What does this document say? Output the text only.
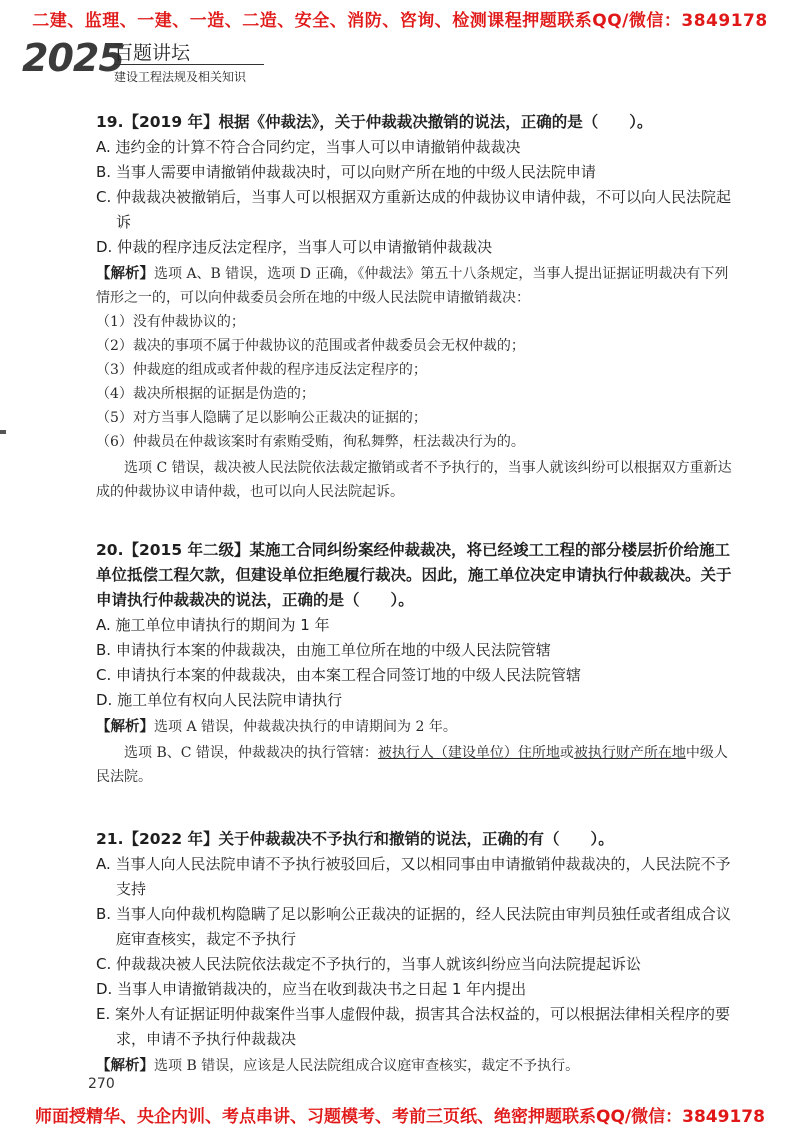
二建、监理、一建、一造、二造、安全、消防、咨询、检测课程押题联系QQ/微信：3849178
2025
百题讲坛
建设工程法规及相关知识

19.【2019 年】根据《仲裁法》，关于仲裁裁决撤销的说法，正确的是（　　）。

A. 违约金的计算不符合合同约定，当事人可以申请撤销仲裁裁决

B. 当事人需要申请撤销仲裁裁决时，可以向财产所在地的中级人民法院申请

C. 仲裁裁决被撤销后，当事人可以根据双方重新达成的仲裁协议申请仲裁，不可以向人民法院起诉

D. 仲裁的程序违反法定程序，当事人可以申请撤销仲裁裁决

【解析】选项 A、B 错误，选项 D 正确，《仲裁法》第五十八条规定，当事人提出证据证明裁决有下列情形之一的，可以向仲裁委员会所在地的中级人民法院申请撤销裁决：

（1）没有仲裁协议的；

（2）裁决的事项不属于仲裁协议的范围或者仲裁委员会无权仲裁的；

（3）仲裁庭的组成或者仲裁的程序违反法定程序的；

（4）裁决所根据的证据是伪造的；

（5）对方当事人隐瞒了足以影响公正裁决的证据的；

（6）仲裁员在仲裁该案时有索贿受贿，徇私舞弊，枉法裁决行为的。

选项 C 错误，裁决被人民法院依法裁定撤销或者不予执行的，当事人就该纠纷可以根据双方重新达成的仲裁协议申请仲裁，也可以向人民法院起诉。

20.【2015 年二级】某施工合同纠纷案经仲裁裁决，将已经竣工工程的部分楼层折价给施工单位抵偿工程欠款，但建设单位拒绝履行裁决。因此，施工单位决定申请执行仲裁裁决。关于申请执行仲裁裁决的说法，正确的是（　　）。

A. 施工单位申请执行的期间为 1 年

B. 申请执行本案的仲裁裁决，由施工单位所在地的中级人民法院管辖

C. 申请执行本案的仲裁裁决，由本案工程合同签订地的中级人民法院管辖

D. 施工单位有权向人民法院申请执行

【解析】选项 A 错误，仲裁裁决执行的申请期间为 2 年。

选项 B、C 错误，仲裁裁决的执行管辖：被执行人（建设单位）住所地或被执行财产所在地中级人民法院。

21.【2022 年】关于仲裁裁决不予执行和撤销的说法，正确的有（　　）。

A. 当事人向人民法院申请不予执行被驳回后，又以相同事由申请撤销仲裁裁决的，人民法院不予支持

B. 当事人向仲裁机构隐瞒了足以影响公正裁决的证据的，经人民法院由审判员独任或者组成合议庭审查核实，裁定不予执行

C. 仲裁裁决被人民法院依法裁定不予执行的，当事人就该纠纷应当向法院提起诉讼

D. 当事人申请撤销裁决的，应当在收到裁决书之日起 1 年内提出

E. 案外人有证据证明仲裁案件当事人虚假仲裁，损害其合法权益的，可以根据法律相关程序的要求，申请不予执行仲裁裁决

【解析】选项 B 错误，应该是人民法院组成合议庭审查核实，裁定不予执行。

270
师面授精华、央企内训、考点串讲、习题模考、考前三页纸、绝密押题联系QQ/微信：3849178
